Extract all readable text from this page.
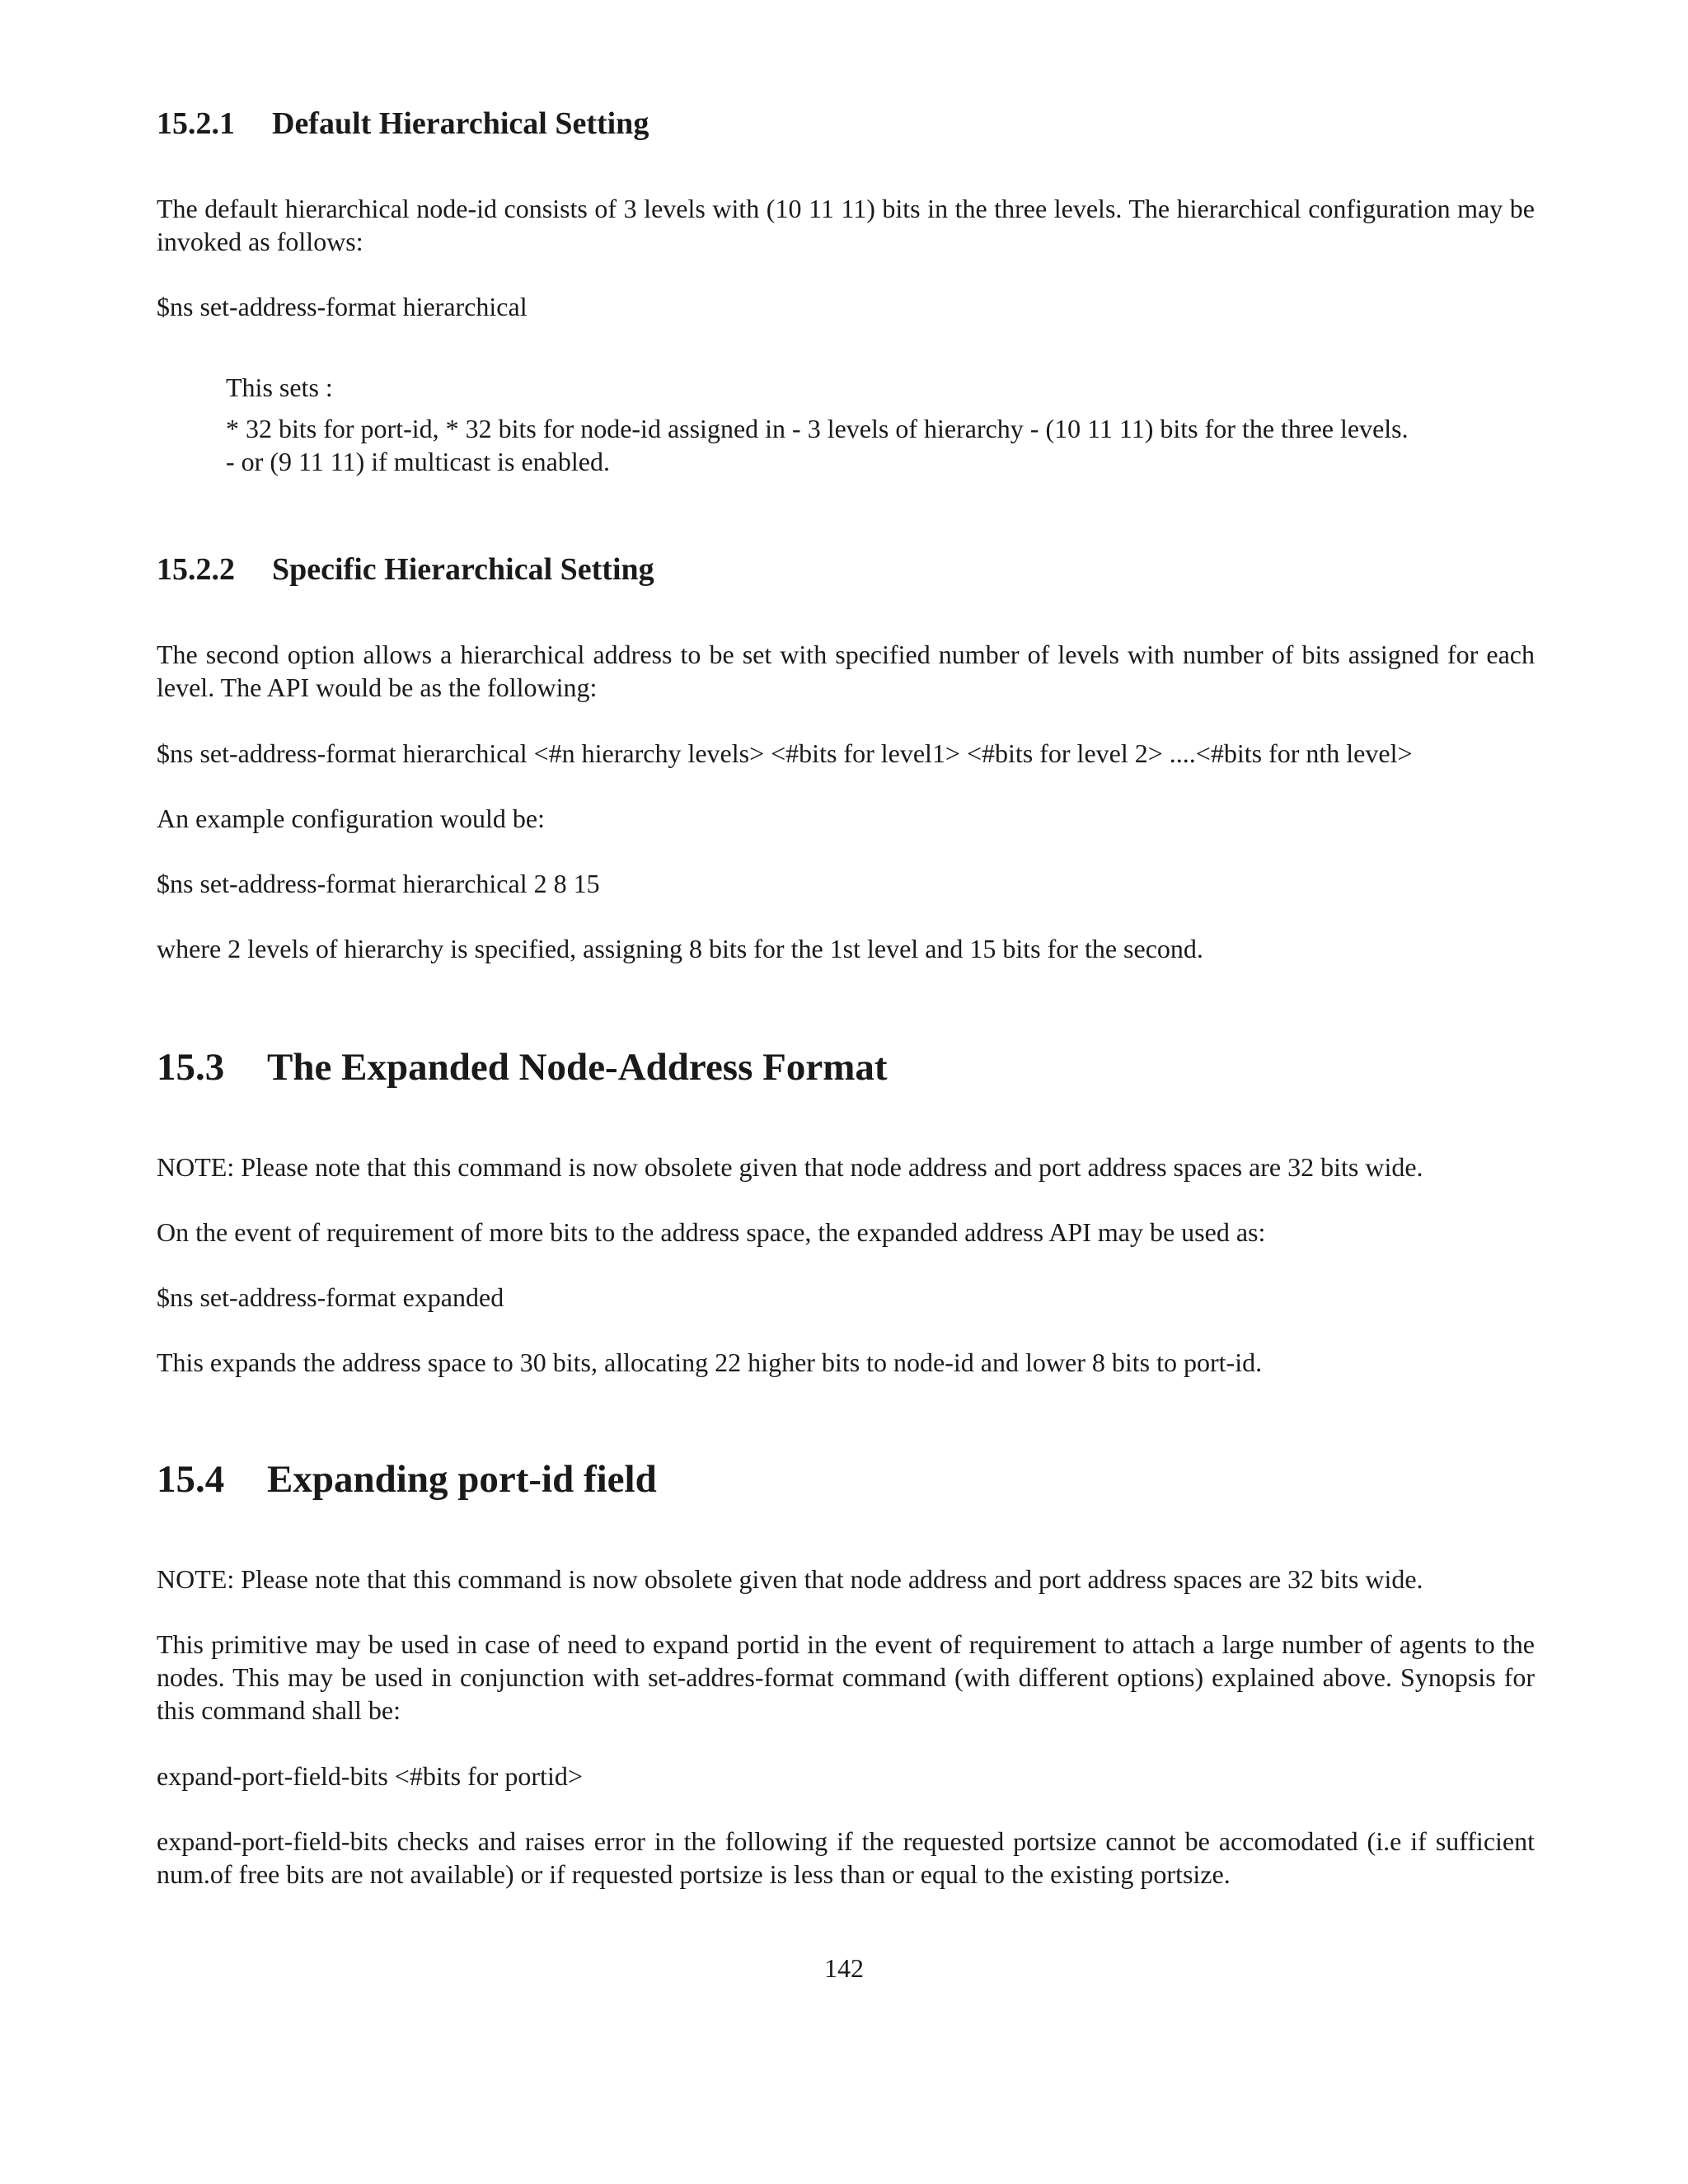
15.2.1 Default Hierarchical Setting
The default hierarchical node-id consists of 3 levels with (10 11 11) bits in the three levels. The hierarchical configuration may be invoked as follows:
$ns set-address-format hierarchical
This sets :
* 32 bits for port-id, * 32 bits for node-id assigned in - 3 levels of hierarchy - (10 11 11) bits for the three levels.
- or (9 11 11) if multicast is enabled.
15.2.2 Specific Hierarchical Setting
The second option allows a hierarchical address to be set with specified number of levels with number of bits assigned for each level. The API would be as the following:
$ns set-address-format hierarchical <#n hierarchy levels> <#bits for level1> <#bits for level 2> ....<#bits for nth level>
An example configuration would be:
$ns set-address-format hierarchical 2 8 15
where 2 levels of hierarchy is specified, assigning 8 bits for the 1st level and 15 bits for the second.
15.3 The Expanded Node-Address Format
NOTE: Please note that this command is now obsolete given that node address and port address spaces are 32 bits wide.
On the event of requirement of more bits to the address space, the expanded address API may be used as:
$ns set-address-format expanded
This expands the address space to 30 bits, allocating 22 higher bits to node-id and lower 8 bits to port-id.
15.4 Expanding port-id field
NOTE: Please note that this command is now obsolete given that node address and port address spaces are 32 bits wide.
This primitive may be used in case of need to expand portid in the event of requirement to attach a large number of agents to the nodes. This may be used in conjunction with set-addres-format command (with different options) explained above. Synopsis for this command shall be:
expand-port-field-bits <#bits for portid>
expand-port-field-bits checks and raises error in the following if the requested portsize cannot be accomodated (i.e if sufficient num.of free bits are not available) or if requested portsize is less than or equal to the existing portsize.
142
